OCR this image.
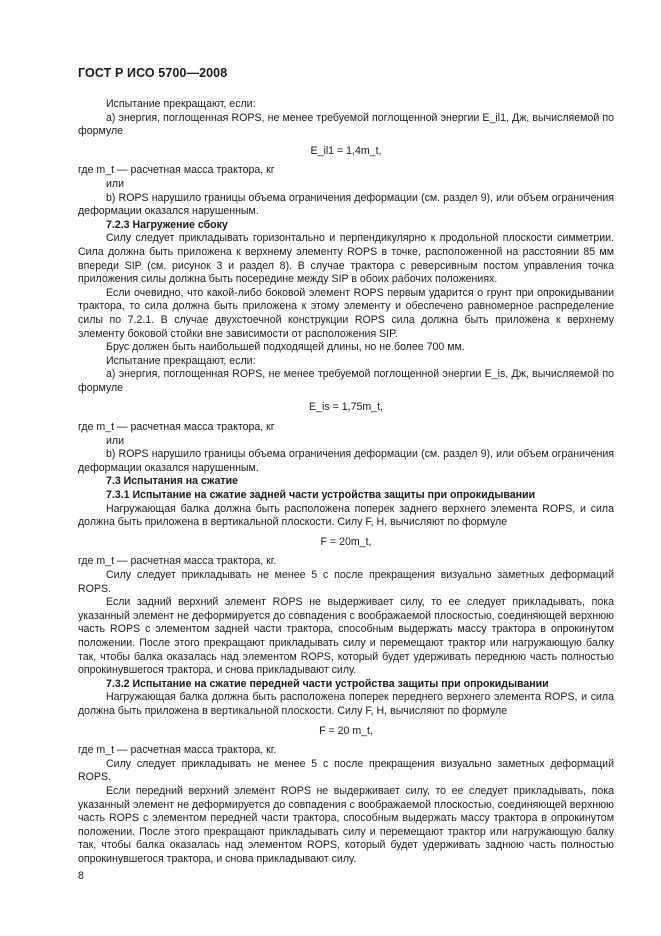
ГОСТ Р ИСО 5700—2008

Испытание прекращают, если:

а) энергия, поглощенная ROPS, не менее требуемой поглощенной энергии E_il1, Дж, вычисляемой по формуле

E_il1 = 1,4m_t,

где m_t — расчетная масса трактора, кг

или

b) ROPS нарушило границы объема ограничения деформации (см. раздел 9), или объем ограничения деформации оказался нарушенным.

7.2.3 Нагружение сбоку

Силу следует прикладывать горизонтально и перпендикулярно к продольной плоскости симметрии. Сила должна быть приложена к верхнему элементу ROPS в точке, расположенной на расстоянии 85 мм впереди SIP (см. рисунок 3 и раздел 8). В случае трактора с реверсивным постом управления точка приложения силы должна быть посередине между SIP в обоих рабочих положениях.

Если очевидно, что какой-либо боковой элемент ROPS первым ударится о грунт при опрокидывании трактора, то сила должна быть приложена к этому элементу и обеспечено равномерное распределение силы по 7.2.1. В случае двухстоечной конструкции ROPS сила должна быть приложена к верхнему элементу боковой стойки вне зависимости от расположения SIP.

Брус должен быть наибольшей подходящей длины, но не более 700 мм.

Испытание прекращают, если:

а) энергия, поглощенная ROPS, не менее требуемой поглощенной энергии E_is, Дж, вычисляемой по формуле

E_is = 1,75m_t,

где m_t — расчетная масса трактора, кг

или

b) ROPS нарушило границы объема ограничения деформации (см. раздел 9), или объем ограничения деформации оказался нарушенным.

7.3 Испытания на сжатие

7.3.1 Испытание на сжатие задней части устройства защиты при опрокидывании

Нагружающая балка должна быть расположена поперек заднего верхнего элемента ROPS, и сила должна быть приложена в вертикальной плоскости. Силу F, Н, вычисляют по формуле

F = 20m_t,

где m_t — расчетная масса трактора, кг.

Силу следует прикладывать не менее 5 с после прекращения визуально заметных деформаций ROPS.

Если задний верхний элемент ROPS не выдерживает силу, то ее следует прикладывать, пока указанный элемент не деформируется до совпадения с воображаемой плоскостью, соединяющей верхнюю часть ROPS с элементом задней части трактора, способным выдержать массу трактора в опрокинутом положении. После этого прекращают прикладывать силу и перемещают трактор или нагружающую балку так, чтобы балка оказалась над элементом ROPS, который будет удерживать переднюю часть полностью опрокинувшегося трактора, и снова прикладывают силу.

7.3.2 Испытание на сжатие передней части устройства защиты при опрокидывании

Нагружающая балка должна быть расположена поперек переднего верхнего элемента ROPS, и сила должна быть приложена в вертикальной плоскости. Силу F, Н, вычисляют по формуле

F = 20 m_t,

где m_t — расчетная масса трактора, кг.

Силу следует прикладывать не менее 5 с после прекращения визуально заметных деформаций ROPS.

Если передний верхний элемент ROPS не выдерживает силу, то ее следует прикладывать, пока указанный элемент не деформируется до совпадения с воображаемой плоскостью, соединяющей верхнюю часть ROPS с элементом передней части трактора, способным выдержать массу трактора в опрокинутом положении. После этого прекращают прикладывать силу и перемещают трактор или нагружающую балку так, чтобы балка оказалась над элементом ROPS, который будет удерживать заднюю часть полностью опрокинувшегося трактора, и снова прикладывают силу.

8
